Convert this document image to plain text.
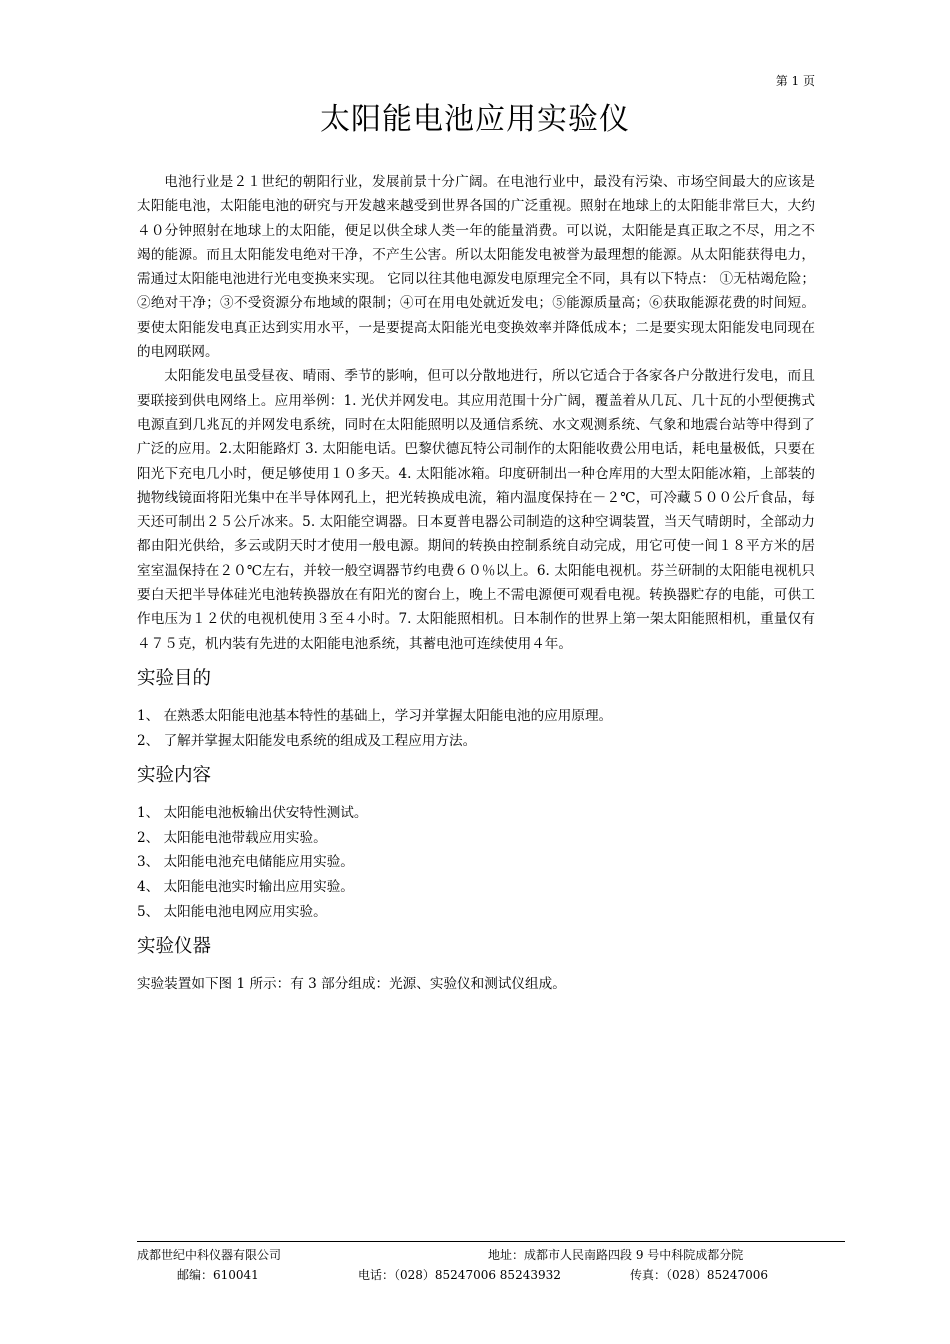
第 1 页
太阳能电池应用实验仪

电池行业是２１世纪的朝阳行业，发展前景十分广阔。在电池行业中，最没有污染、市场空间最大的应该是太阳能电池，太阳能电池的研究与开发越来越受到世界各国的广泛重视。照射在地球上的太阳能非常巨大，大约４０分钟照射在地球上的太阳能，便足以供全球人类一年的能量消费。可以说，太阳能是真正取之不尽，用之不竭的能源。而且太阳能发电绝对干净，不产生公害。所以太阳能发电被誉为最理想的能源。从太阳能获得电力，需通过太阳能电池进行光电变换来实现。 它同以往其他电源发电原理完全不同，具有以下特点： ①无枯竭危险；②绝对干净；③不受资源分布地域的限制；④可在用电处就近发电；⑤能源质量高；⑥获取能源花费的时间短。 要使太阳能发电真正达到实用水平，一是要提高太阳能光电变换效率并降低成本；二是要实现太阳能发电同现在的电网联网。

太阳能发电虽受昼夜、晴雨、季节的影响，但可以分散地进行，所以它适合于各家各户分散进行发电，而且要联接到供电网络上。应用举例：1. 光伏并网发电。其应用范围十分广阔，覆盖着从几瓦、几十瓦的小型便携式电源直到几兆瓦的并网发电系统，同时在太阳能照明以及通信系统、水文观测系统、气象和地震台站等中得到了广泛的应用。2.太阳能路灯 3. 太阳能电话。巴黎伏德瓦特公司制作的太阳能收费公用电话，耗电量极低，只要在阳光下充电几小时，便足够使用１０多天。4. 太阳能冰箱。印度研制出一种仓库用的大型太阳能冰箱，上部装的抛物线镜面将阳光集中在半导体网孔上，把光转换成电流，箱内温度保持在－２℃，可冷藏５００公斤食品，每天还可制出２５公斤冰来。5. 太阳能空调器。日本夏普电器公司制造的这种空调装置，当天气晴朗时，全部动力都由阳光供给，多云或阴天时才使用一般电源。期间的转换由控制系统自动完成，用它可使一间１８平方米的居室室温保持在２０℃左右，并较一般空调器节约电费６０％以上。6. 太阳能电视机。芬兰研制的太阳能电视机只要白天把半导体硅光电池转换器放在有阳光的窗台上，晚上不需电源便可观看电视。转换器贮存的电能，可供工作电压为１２伏的电视机使用３至４小时。7. 太阳能照相机。日本制作的世界上第一架太阳能照相机，重量仅有４７５克，机内装有先进的太阳能电池系统，其蓄电池可连续使用４年。

实验目的
1、 在熟悉太阳能电池基本特性的基础上，学习并掌握太阳能电池的应用原理。
2、 了解并掌握太阳能发电系统的组成及工程应用方法。
实验内容
1、 太阳能电池板输出伏安特性测试。
2、 太阳能电池带载应用实验。
3、 太阳能电池充电储能应用实验。
4、 太阳能电池实时输出应用实验。
5、 太阳能电池电网应用实验。
实验仪器

实验装置如下图 1 所示：有 3 部分组成：光源、实验仪和测试仪组成。

成都世纪中科仪器有限公司	地址：成都市人民南路四段 9 号中科院成都分院
邮编：610041	电话：（028）85247006 85243932	传真：（028）85247006
